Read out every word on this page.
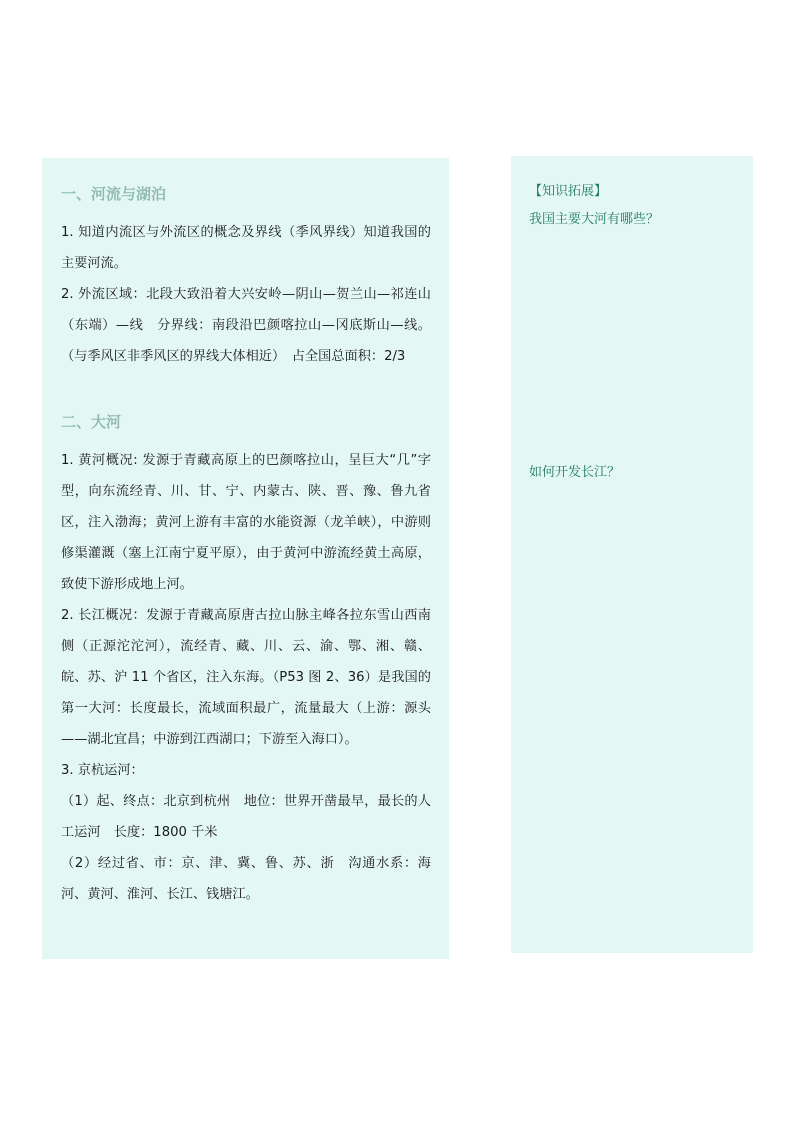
一、河流与湖泊

1. 知道内流区与外流区的概念及界线（季风界线）知道我国的主要河流。

2. 外流区域：北段大致沿着大兴安岭—阴山—贺兰山—祁连山（东端）—线　分界线：南段沿巴颜喀拉山—冈底斯山—线。（与季风区非季风区的界线大体相近）　占全国总面积：2/3

二、大河

1. 黄河概况: 发源于青藏高原上的巴颜喀拉山，呈巨大“几”字型，向东流经青、川、甘、宁、内蒙古、陕、晋、豫、鲁九省区，注入渤海；黄河上游有丰富的水能资源（龙羊峡），中游则修渠灌溉（塞上江南宁夏平原），由于黄河中游流经黄土高原，致使下游形成地上河。

2. 长江概况：发源于青藏高原唐古拉山脉主峰各拉东雪山西南侧（正源沱沱河），流经青、藏、川、云、渝、鄂、湘、赣、皖、苏、沪 11 个省区，注入东海。（P53 图 2、36）是我国的第一大河：长度最长，流域面积最广，流量最大（上游：源头——湖北宜昌；中游到江西湖口；下游至入海口）。

3. 京杭运河：

（1）起、终点：北京到杭州　地位：世界开凿最早，最长的人工运河　长度：1800 千米

（2）经过省、市：京、津、冀、鲁、苏、浙　沟通水系：海河、黄河、淮河、长江、钱塘江。

【知识拓展】

我国主要大河有哪些？

如何开发长江？
